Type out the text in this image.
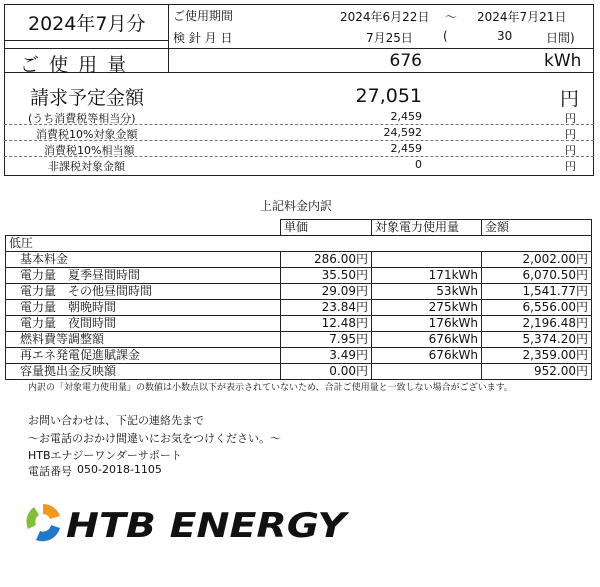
2024年7月分 ご使用期間	2024年6月22日 〜 2024年7月21日
検 針 月 日	7月25日	(	30	日間)
ご 使 用 量	676	kWh
請求予定金額	27,051	円
(うち消費税等相当分)	2,459	円
消費税10%対象金額	24,592	円
消費税10%相当額	2,459	円
非課税対象金額	0	円
上記料金内訳
	単価	対象電力使用量	金額
低圧			
基本料金	286.00円		2,002.00円
電力量　夏季昼間時間	35.50円	171kWh	6,070.50円
電力量　その他昼間時間	29.09円	53kWh	1,541.77円
電力量　朝晩時間	23.84円	275kWh	6,556.00円
電力量　夜間時間	12.48円	176kWh	2,196.48円
燃料費等調整額	7.95円	676kWh	5,374.20円
再エネ発電促進賦課金	3.49円	676kWh	2,359.00円
容量拠出金反映額	0.00円		952.00円
内訳の「対象電力使用量」の数値は小数点以下が表示されていないため、合計ご使用量と一致しない場合がございます。
お問い合わせは、下記の連絡先まで
〜お電話のおかけ間違いにお気をつけください。〜
HTBエナジーワンダーサポート
電話番号 050-2018-1105
HTB ENERGY
